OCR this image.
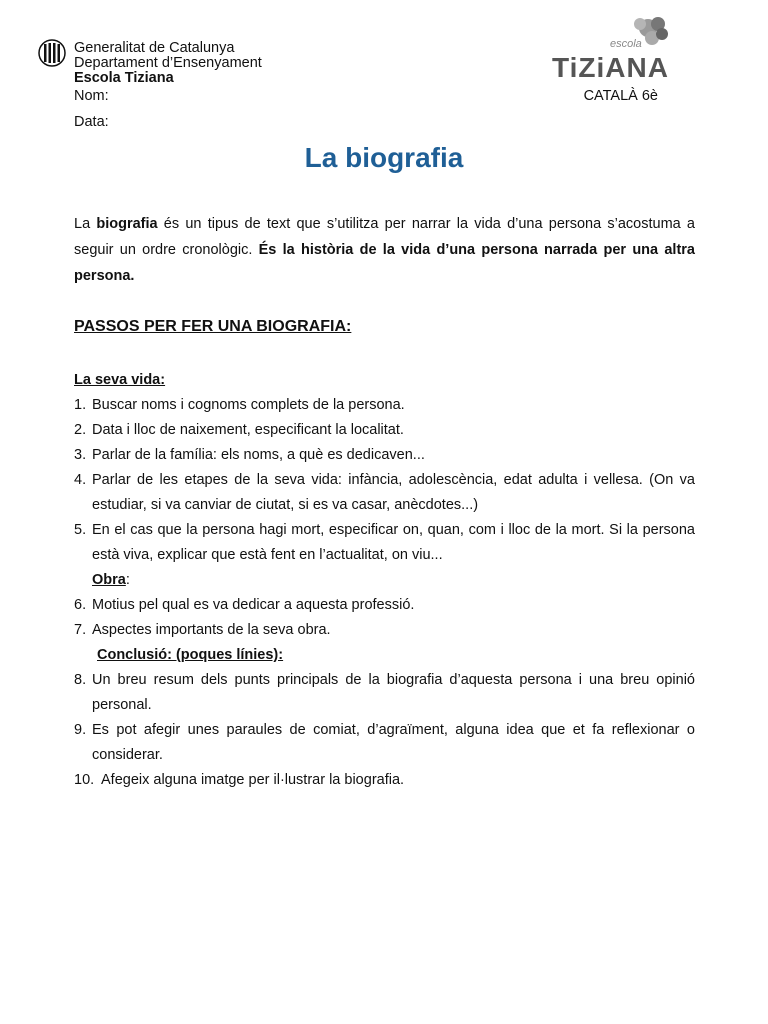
Generalitat de Catalunya
Departament d’Ensenyament
Escola Tiziana
Nom:
Data:
CATALÀ 6è
escola
TiZiANA
La biografia
La biografia és un tipus de text que s’utilitza per narrar la vida d’una persona s’acostuma a seguir un ordre cronològic. És la història de la vida d’una persona narrada per una altra persona.
PASSOS PER FER UNA BIOGRAFIA:
La seva vida:
1. Buscar noms i cognoms complets de la persona.
2. Data i lloc de naixement, especificant la localitat.
3. Parlar de la família: els noms, a què es dedicaven...
4. Parlar de les etapes de la seva vida: infància, adolescència, edat adulta i vellesa. (On va estudiar, si va canviar de ciutat, si es va casar, anècdotes...)
5. En el cas que la persona hagi mort, especificar on, quan, com i lloc de la mort. Si la persona està viva, explicar que està fent en l’actualitat, on viu...
Obra:
6. Motius pel qual es va dedicar a aquesta professió.
7. Aspectes importants de la seva obra.
Conclusió: (poques línies):
8. Un breu resum dels punts principals de la biografia d’aquesta persona i una breu opinió personal.
9. Es pot afegir unes paraules de comiat, d’agraïment, alguna idea que et fa reflexionar o considerar.
10. Afegeix alguna imatge per il·lustrar la biografia.
